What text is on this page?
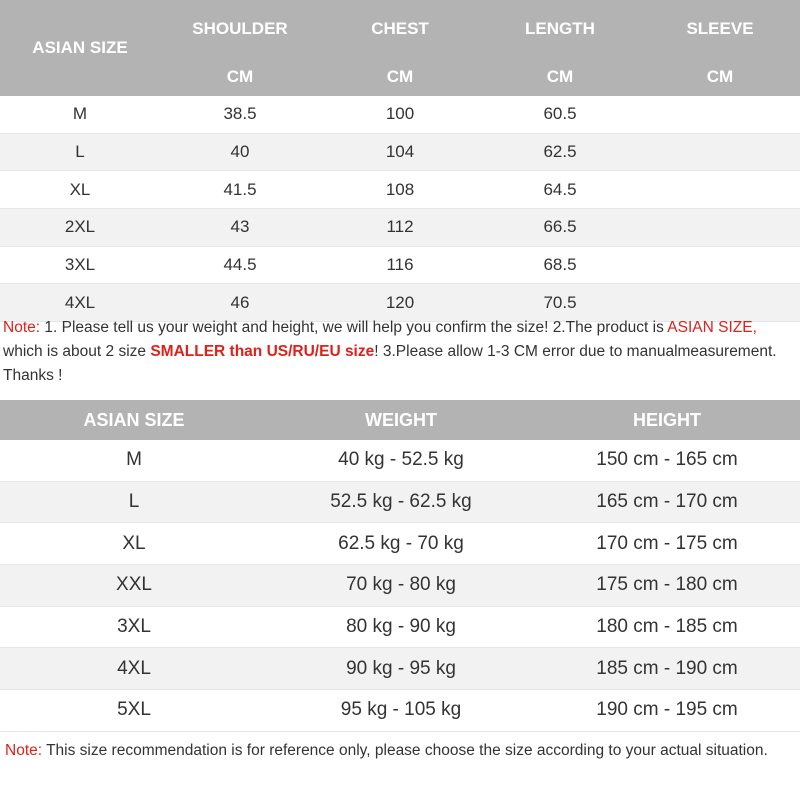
ASIAN SIZE	SHOULDER	CHEST	LENGTH	SLEEVE
	CM	CM	CM	CM
M	38.5	100	60.5	
L	40	104	62.5	
XL	41.5	108	64.5	
2XL	43	112	66.5	
3XL	44.5	116	68.5	
4XL	46	120	70.5	
Note: 1. Please tell us your weight and height, we will help you confirm the size! 2.The product is ASIAN SIZE, which is about 2 size SMALLER than US/RU/EU size! 3.Please allow 1-3 CM error due to manualmeasurement. Thanks !
ASIAN SIZE	WEIGHT	HEIGHT
M	40 kg - 52.5 kg	150 cm - 165 cm
L	52.5 kg - 62.5 kg	165 cm - 170 cm
XL	62.5 kg - 70 kg	170 cm - 175 cm
XXL	70 kg - 80 kg	175 cm - 180 cm
3XL	80 kg - 90 kg	180 cm - 185 cm
4XL	90 kg - 95 kg	185 cm - 190 cm
5XL	95 kg - 105 kg	190 cm - 195 cm
Note: This size recommendation is for reference only, please choose the size according to your actual situation.
